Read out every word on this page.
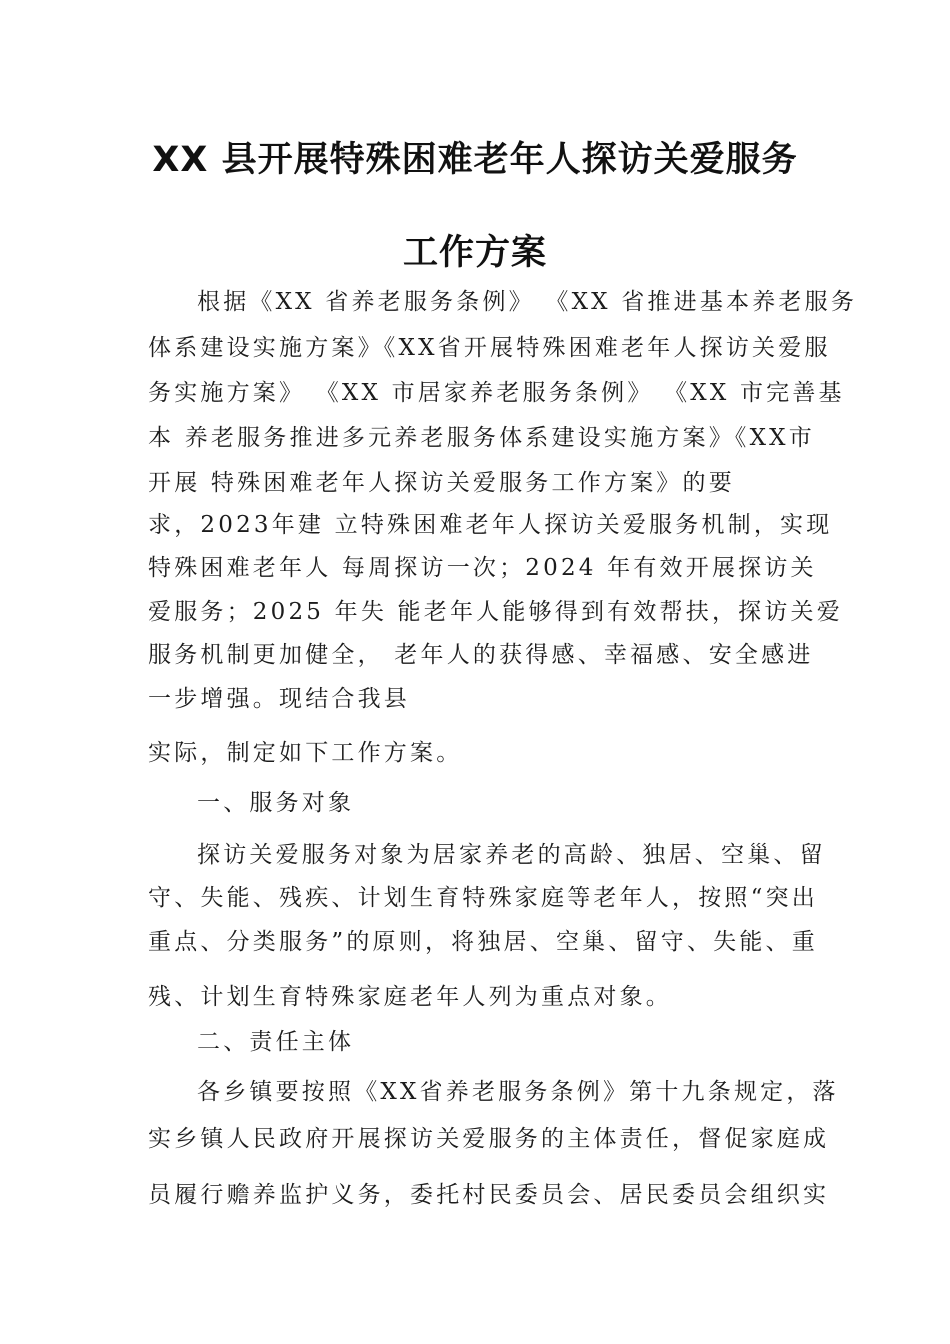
XX 县开展特殊困难老年人探访关爱服务
工作方案
根据《XX 省养老服务条例》 《XX 省推进基本养老服务
体系建设实施方案》《XX省开展特殊困难老年人探访关爱服
务实施方案》 《XX 市居家养老服务条例》 《XX 市完善基
本 养老服务推进多元养老服务体系建设实施方案》《XX市
开展 特殊困难老年人探访关爱服务工作方案》的要
求，2023年建 立特殊困难老年人探访关爱服务机制，实现
特殊困难老年人 每周探访一次；2024 年有效开展探访关
爱服务；2025 年失 能老年人能够得到有效帮扶，探访关爱
服务机制更加健全， 老年人的获得感、幸福感、安全感进
一步增强。现结合我县
实际，制定如下工作方案。
一、服务对象
探访关爱服务对象为居家养老的高龄、独居、空巢、留
守、失能、残疾、计划生育特殊家庭等老年人，按照“突出
重点、分类服务”的原则，将独居、空巢、留守、失能、重
残、计划生育特殊家庭老年人列为重点对象。
二、责任主体
各乡镇要按照《XX省养老服务条例》第十九条规定，落
实乡镇人民政府开展探访关爱服务的主体责任，督促家庭成
员履行赡养监护义务，委托村民委员会、居民委员会组织实
